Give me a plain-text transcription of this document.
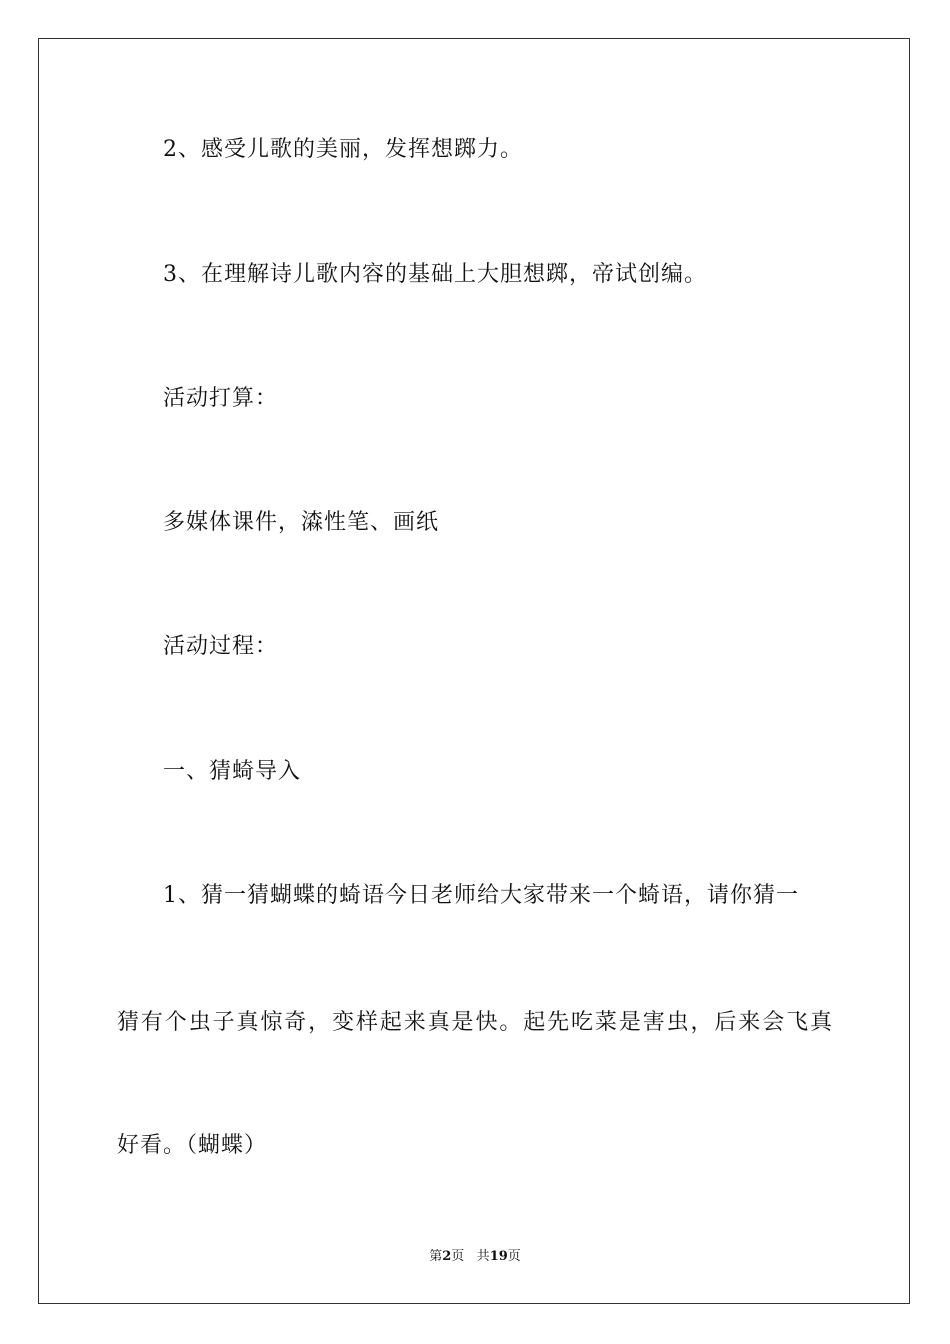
2、感受儿歌的美丽，发挥想踯力。
3、在理解诗儿歌内容的基础上大胆想踯，帝试创编。
活动打算：
多媒体课件，潹性笔、画纸
活动过程：
一、猜䗁导入
1、猜一猜蝴蝶的䗁语今日老师给大家带来一个䗁语，请你猜一
猜有个虫子真惊奇，变样起来真是快。起先吃菜是害虫，后来会飞真
好看。（蝴蝶）
第2页 共19页
